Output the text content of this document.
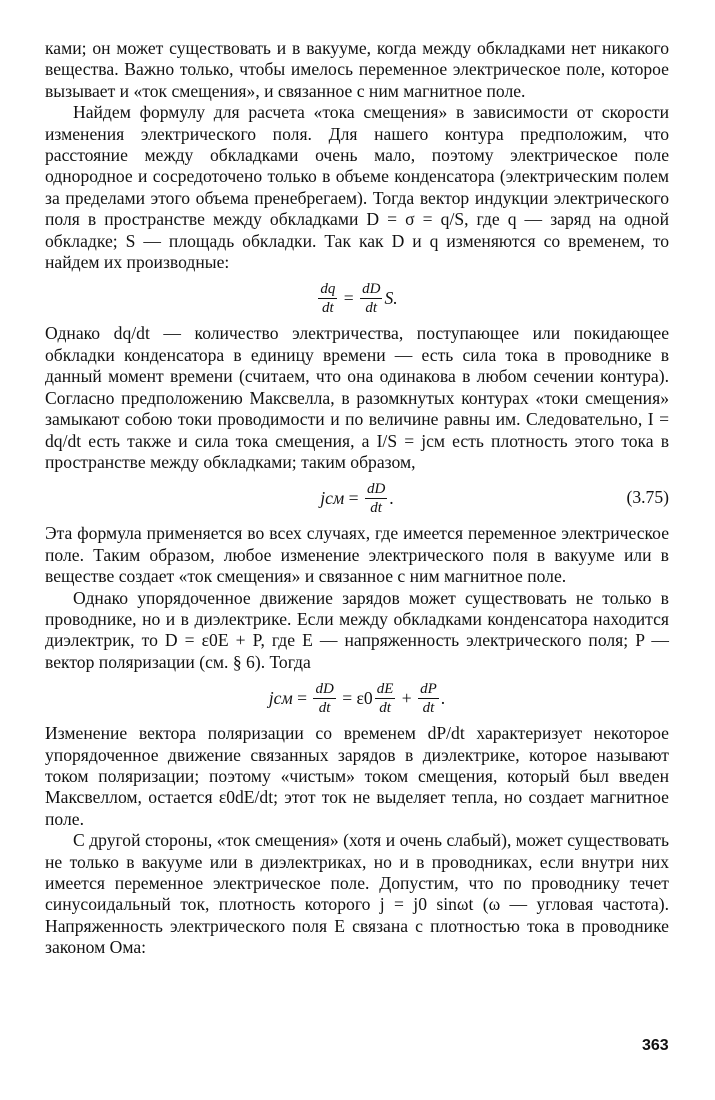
ками; он может существовать и в вакууме, когда между обкладками нет никакого вещества. Важно только, чтобы имелось переменное электрическое поле, которое вызывает и «ток смещения», и связанное с ним магнитное поле.

Найдем формулу для расчета «тока смещения» в зависимости от скорости изменения электрического поля. Для нашего контура предположим, что расстояние между обкладками очень мало, поэтому электрическое поле однородное и сосредоточено только в объеме конденсатора (электрическим полем за пределами этого объема пренебрегаем). Тогда вектор индукции электрического поля в пространстве между обкладками D = σ = q/S, где q — заряд на одной обкладке; S — площадь обкладки. Так как D и q изменяются со временем, то найдем их производные:

$\frac{dq}{dt} = \frac{dD}{dt} S$.

Однако dq/dt — количество электричества, поступающее или покидающее обкладки конденсатора в единицу времени — есть сила тока в проводнике в данный момент времени (считаем, что она одинакова в любом сечении контура). Согласно предположению Максвелла, в разомкнутых контурах «токи смещения» замыкают собою токи проводимости и по величине равны им. Следовательно, I = dq/dt есть также и сила тока смещения, а I/S = jсм есть плотность этого тока в пространстве между обкладками; таким образом,

jсм = $\frac{dD}{dt}$ .	(3.75)

Эта формула применяется во всех случаях, где имеется переменное электрическое поле. Таким образом, любое изменение электрического поля в вакууме или в веществе создает «ток смещения» и связанное с ним магнитное поле.

Однако упорядоченное движение зарядов может существовать не только в проводнике, но и в диэлектрике. Если между обкладками конденсатора находится диэлектрик, то D = ε0E + P, где E — напряженность электрического поля; P — вектор поляризации (см. § 6). Тогда

jсм = $\frac{dD}{dt} = \varepsilon 0 \frac{dE}{dt} + \frac{dP}{dt}$ .

Изменение вектора поляризации со временем dP/dt характеризует некоторое упорядоченное движение связанных зарядов в диэлектрике, которое называют током поляризации; поэтому «чистым» током смещения, который был введен Максвеллом, остается ε0dE/dt; этот ток не выделяет тепла, но создает магнитное поле.

С другой стороны, «ток смещения» (хотя и очень слабый), может существовать не только в вакууме или в диэлектриках, но и в проводниках, если внутри них имеется переменное электрическое поле. Допустим, что по проводнику течет синусоидальный ток, плотность которого j = j0 sinωt (ω — угловая частота). Напряженность электрического поля E связана с плотностью тока в проводнике законом Ома:

363
